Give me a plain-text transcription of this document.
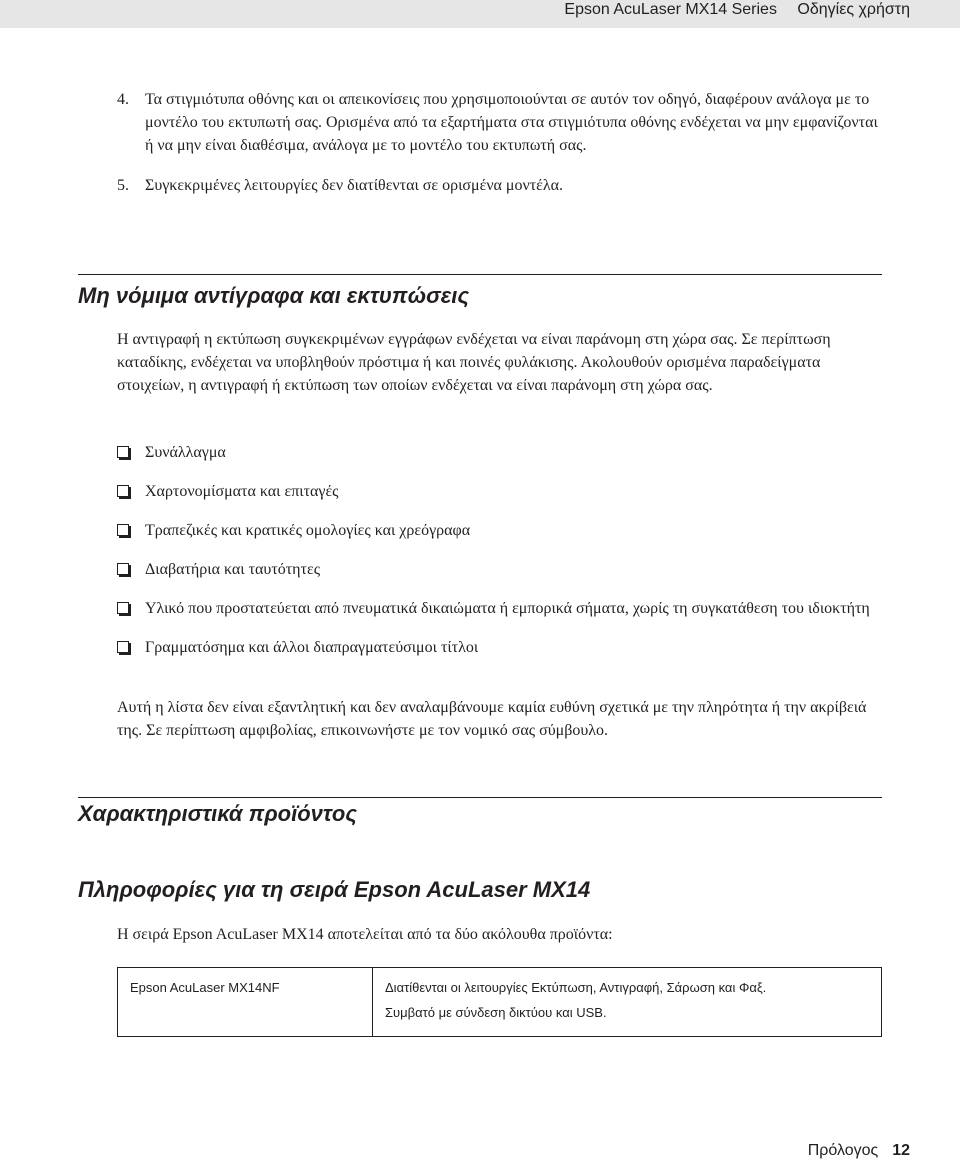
Epson AcuLaser MX14 Series Οδηγίες χρήστη
4. Τα στιγμιότυπα οθόνης και οι απεικονίσεις που χρησιμοποιούνται σε αυτόν τον οδηγό, διαφέρουν ανάλογα με το μοντέλο του εκτυπωτή σας. Ορισμένα από τα εξαρτήματα στα στιγμιότυπα οθόνης ενδέχεται να μην εμφανίζονται ή να μην είναι διαθέσιμα, ανάλογα με το μοντέλο του εκτυπωτή σας.
5. Συγκεκριμένες λειτουργίες δεν διατίθενται σε ορισμένα μοντέλα.
Μη νόμιμα αντίγραφα και εκτυπώσεις

Η αντιγραφή η εκτύπωση συγκεκριμένων εγγράφων ενδέχεται να είναι παράνομη στη χώρα σας. Σε περίπτωση καταδίκης, ενδέχεται να υποβληθούν πρόστιμα ή και ποινές φυλάκισης. Ακολουθούν ορισμένα παραδείγματα στοιχείων, η αντιγραφή ή εκτύπωση των οποίων ενδέχεται να είναι παράνομη στη χώρα σας.

Συνάλλαγμα
Χαρτονομίσματα και επιταγές
Τραπεζικές και κρατικές ομολογίες και χρεόγραφα
Διαβατήρια και ταυτότητες
Υλικό που προστατεύεται από πνευματικά δικαιώματα ή εμπορικά σήματα, χωρίς τη συγκατάθεση του ιδιοκτήτη
Γραμματόσημα και άλλοι διαπραγματεύσιμοι τίτλοι

Αυτή η λίστα δεν είναι εξαντλητική και δεν αναλαμβάνουμε καμία ευθύνη σχετικά με την πληρότητα ή την ακρίβειά της. Σε περίπτωση αμφιβολίας, επικοινωνήστε με τον νομικό σας σύμβουλο.

Χαρακτηριστικά προϊόντος
Πληροφορίες για τη σειρά Epson AcuLaser MX14

Η σειρά Epson AcuLaser MX14 αποτελείται από τα δύο ακόλουθα προϊόντα:

Epson AcuLaser MX14NF	Διατίθενται οι λειτουργίες Εκτύπωση, Αντιγραφή, Σάρωση και Φαξ.

Συμβατό με σύνδεση δικτύου και USB.

Πρόλογος 12
